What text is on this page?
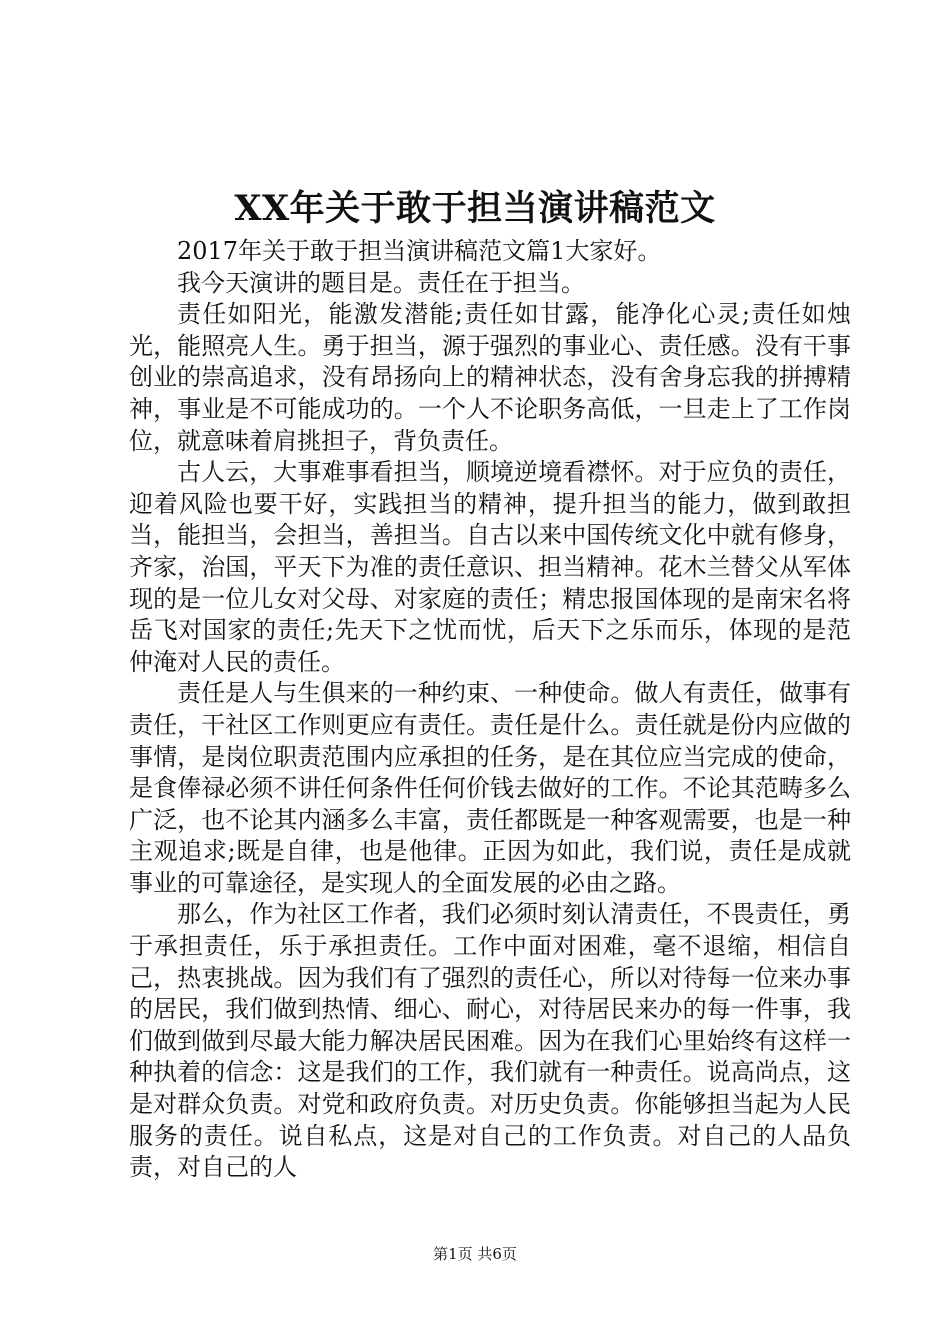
XX年关于敢于担当演讲稿范文

2017年关于敢于担当演讲稿范文篇1大家好。

我今天演讲的题目是。责任在于担当。

责任如阳光，能激发潜能;责任如甘露，能净化心灵;责任如烛光，能照亮人生。勇于担当，源于强烈的事业心、责任感。没有干事创业的崇高追求，没有昂扬向上的精神状态，没有舍身忘我的拼搏精神，事业是不可能成功的。一个人不论职务高低，一旦走上了工作岗位，就意味着肩挑担子，背负责任。

古人云，大事难事看担当，顺境逆境看襟怀。对于应负的责任，迎着风险也要干好，实践担当的精神，提升担当的能力，做到敢担当，能担当，会担当，善担当。自古以来中国传统文化中就有修身，齐家，治国，平天下为准的责任意识、担当精神。花木兰替父从军体现的是一位儿女对父母、对家庭的责任；精忠报国体现的是南宋名将岳飞对国家的责任;先天下之忧而忧，后天下之乐而乐，体现的是范仲淹对人民的责任。

责任是人与生俱来的一种约束、一种使命。做人有责任，做事有责任，干社区工作则更应有责任。责任是什么。责任就是份内应做的事情，是岗位职责范围内应承担的任务，是在其位应当完成的使命，是食俸禄必须不讲任何条件任何价钱去做好的工作。不论其范畴多么广泛，也不论其内涵多么丰富，责任都既是一种客观需要，也是一种主观追求;既是自律，也是他律。正因为如此，我们说，责任是成就事业的可靠途径，是实现人的全面发展的必由之路。

那么，作为社区工作者，我们必须时刻认清责任，不畏责任，勇于承担责任，乐于承担责任。工作中面对困难，毫不退缩，相信自己，热衷挑战。因为我们有了强烈的责任心，所以对待每一位来办事的居民，我们做到热情、细心、耐心，对待居民来办的每一件事，我们做到做到尽最大能力解决居民困难。因为在我们心里始终有这样一种执着的信念：这是我们的工作，我们就有一种责任。说高尚点，这是对群众负责。对党和政府负责。对历史负责。你能够担当起为人民服务的责任。说自私点，这是对自己的工作负责。对自己的人品负责，对自己的人

第1页 共6页
